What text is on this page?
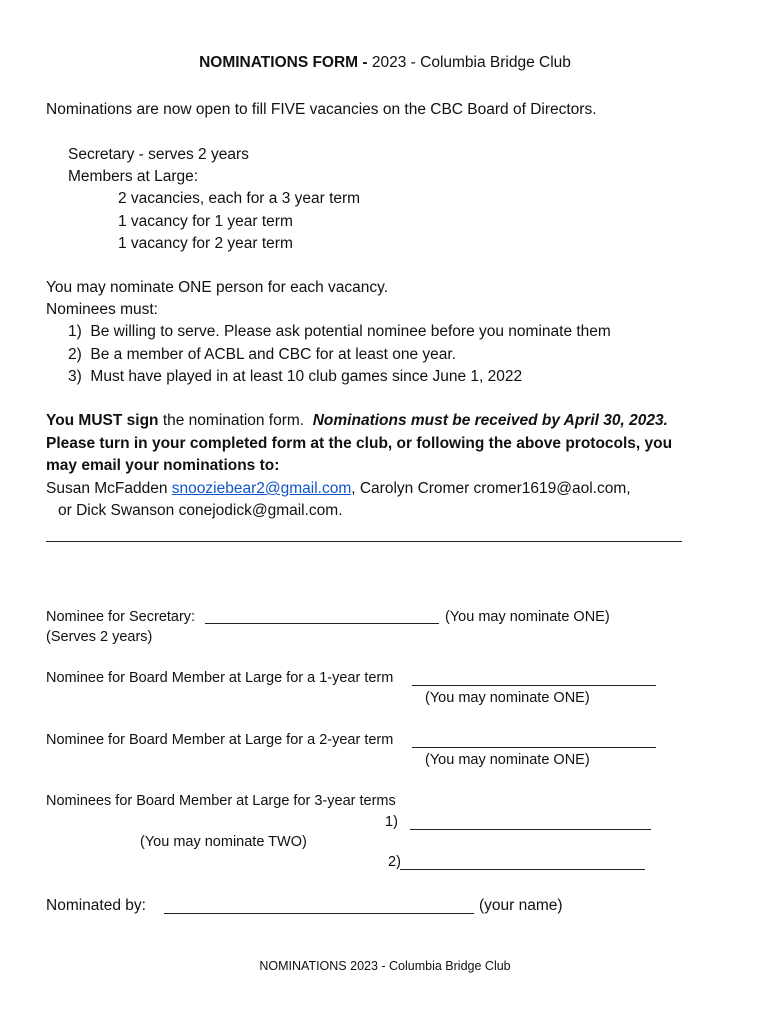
NOMINATIONS FORM - 2023 - Columbia Bridge Club
Nominations are now open to fill FIVE vacancies on the CBC Board of Directors.
Secretary - serves 2 years
Members at Large:
2 vacancies, each for a 3 year term
1 vacancy for 1 year term
1 vacancy for 2 year term
You may nominate ONE person for each vacancy.
Nominees must:
1) Be willing to serve. Please ask potential nominee before you nominate them
2) Be a member of ACBL and CBC for at least one year.
3) Must have played in at least 10 club games since June 1, 2022
You MUST sign the nomination form.  Nominations must be received by April 30, 2023.
Please turn in your completed form at the club, or following the above protocols, you
may email your nominations to:
Susan McFadden snooziebear2@gmail.com, Carolyn Cromer cromer1619@aol.com,
or Dick Swanson conejodick@gmail.com.
Nominee for Secretary:	(You may nominate ONE)
(Serves 2 years)
Nominee for Board Member at Large for a 1-year term
(You may nominate ONE)
Nominee for Board Member at Large for a 2-year term
(You may nominate ONE)
Nominees for Board Member at Large for 3-year terms
1)
(You may nominate TWO)
2)
Nominated by:	(your name)
NOMINATIONS 2023 - Columbia Bridge Club
